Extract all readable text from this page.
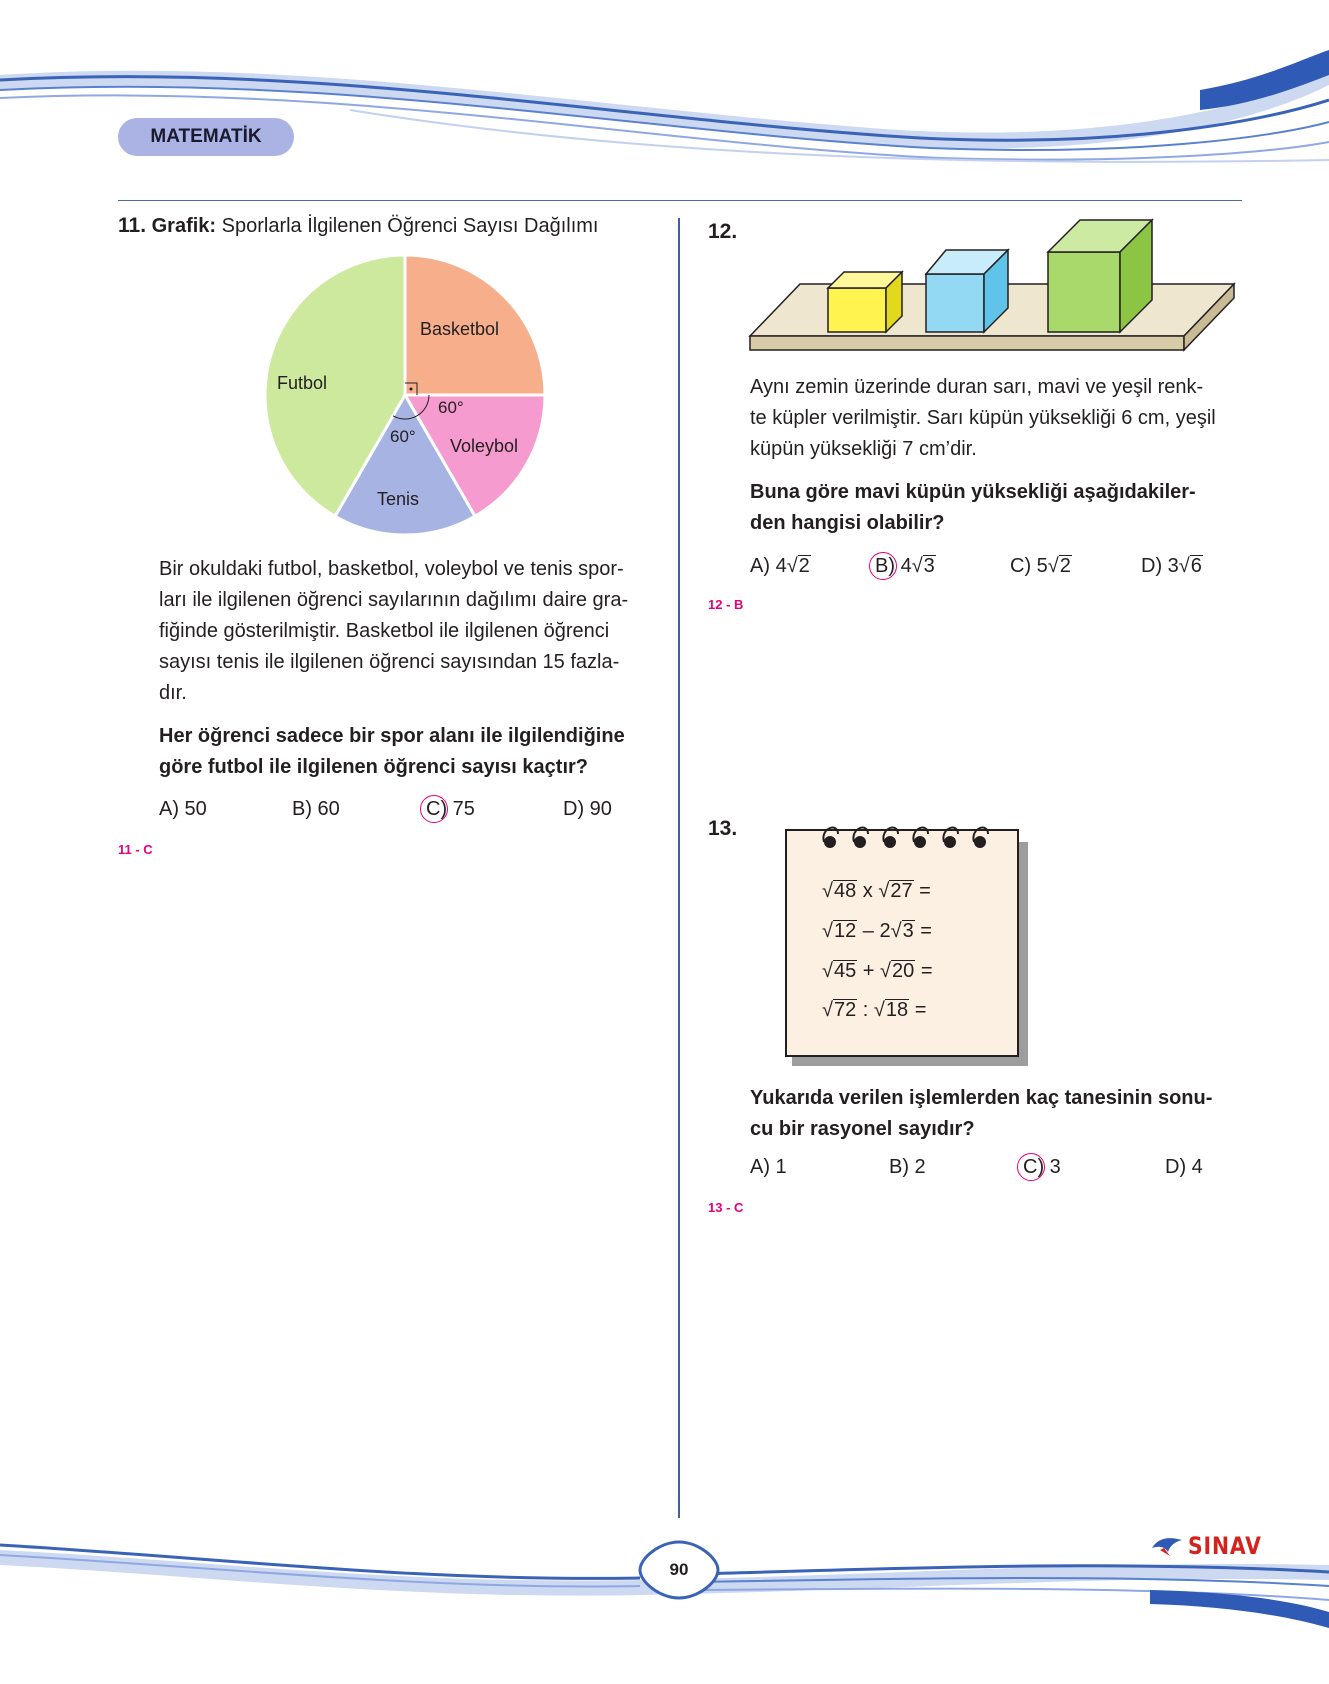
MATEMATİK
11. Grafik: Sporlarla İlgilenen Öğrenci Sayısı Dağılımı
Basketbol
Futbol
Voleybol
Tenis
60°
60°
Bir okuldaki futbol, basketbol, voleybol ve tenis spor-
ları ile ilgilenen öğrenci sayılarının dağılımı daire gra-
fiğinde gösterilmiştir. Basketbol ile ilgilenen öğrenci
sayısı tenis ile ilgilenen öğrenci sayısından 15 fazla-
dır.
Her öğrenci sadece bir spor alanı ile ilgilendiğine
göre futbol ile ilgilenen öğrenci sayısı kaçtır?
A) 50	B) 60	C) 75	D) 90
11 - C
12.
Aynı zemin üzerinde duran sarı, mavi ve yeşil renk-
te küpler verilmiştir. Sarı küpün yüksekliği 6 cm, yeşil
küpün yüksekliği 7 cm’dir.
Buna göre mavi küpün yüksekliği aşağıdakiler-
den hangisi olabilir?
A) 4√2	B) 4√3	C) 5√2	D) 3√6
12 - B
13.
√48 x √27 =
√12 – 2√3 =
√45 + √20 =
√72 : √18 =
Yukarıda verilen işlemlerden kaç tanesinin sonu-
cu bir rasyonel sayıdır?
A) 1	B) 2	C) 3	D) 4
13 - C
90
SINAV
